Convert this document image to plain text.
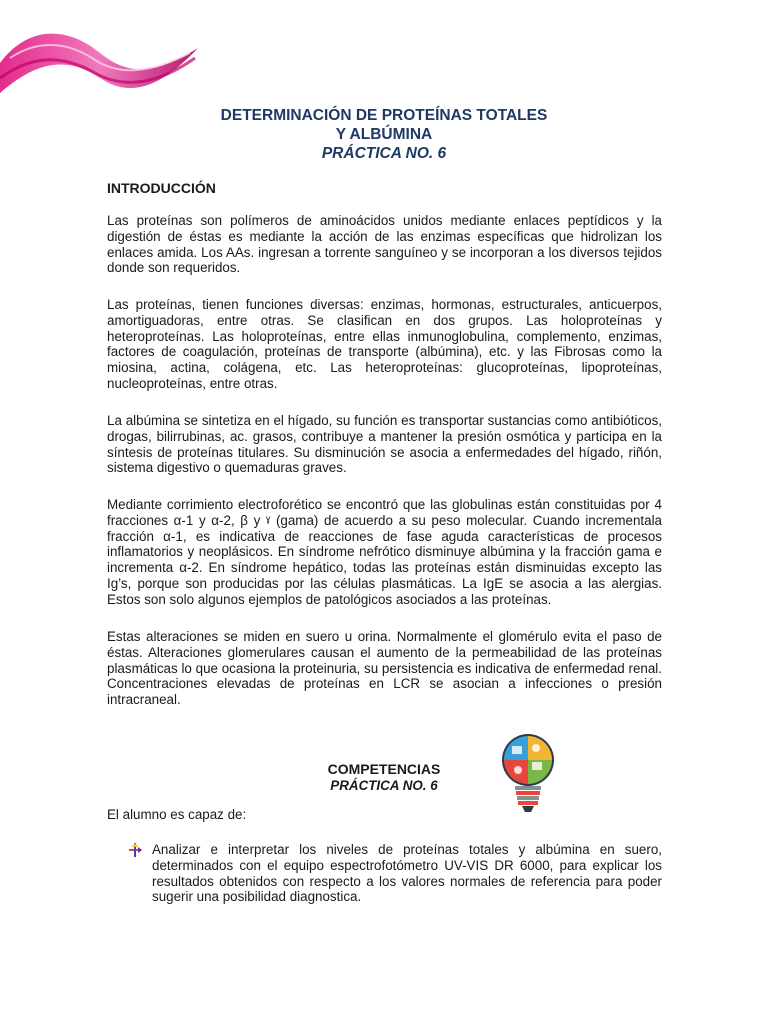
DETERMINACIÓN DE PROTEÍNAS TOTALES
Y ALBÚMINA
PRÁCTICA NO. 6
INTRODUCCIÓN

Las proteínas son polímeros de aminoácidos unidos mediante enlaces peptídicos y la digestión de éstas es mediante la acción de las enzimas específicas que hidrolizan los enlaces amida. Los AAs. ingresan a torrente sanguíneo y se incorporan a los diversos tejidos donde son requeridos.

Las proteínas, tienen funciones diversas: enzimas, hormonas, estructurales, anticuerpos, amortiguadoras, entre otras. Se clasifican en dos grupos. Las holoproteínas y heteroproteínas. Las holoproteínas, entre ellas inmunoglobulina, complemento, enzimas, factores de coagulación, proteínas de transporte (albúmina), etc. y las Fibrosas como la miosina, actina, colágena, etc. Las heteroproteínas: glucoproteínas, lipoproteínas, nucleoproteínas, entre otras.

La albúmina se sintetiza en el hígado, su función es transportar sustancias como antibióticos, drogas, bilirrubinas, ac. grasos, contribuye a mantener la presión osmótica y participa en la síntesis de proteínas titulares. Su disminución se asocia a enfermedades del hígado, riñón, sistema digestivo o quemaduras graves.

Mediante corrimiento electroforético se encontró que las globulinas están constituidas por 4 fracciones α-1 y α-2, β y ˠ (gama) de acuerdo a su peso molecular. Cuando incrementala fracción α-1, es indicativa de reacciones de fase aguda características de procesos inflamatorios y neoplásicos. En síndrome nefrótico disminuye albúmina y la fracción gama e incrementa α-2. En síndrome hepático, todas las proteínas están disminuidas excepto las Ig’s, porque son producidas por las células plasmáticas. La IgE se asocia a las alergias. Estos son solo algunos ejemplos de patológicos asociados a las proteínas.

Estas alteraciones se miden en suero u orina. Normalmente el glomérulo evita el paso de éstas. Alteraciones glomerulares causan el aumento de la permeabilidad de las proteínas plasmáticas lo que ocasiona la proteinuria, su persistencia es indicativa de enfermedad renal. Concentraciones elevadas de proteínas en LCR se asocian a infecciones o presión intracraneal.

COMPETENCIAS
PRÁCTICA NO. 6
El alumno es capaz de:
Analizar e interpretar los niveles de proteínas totales y albúmina en suero, determinados con el equipo espectrofotómetro UV-VIS DR 6000, para explicar los resultados obtenidos con respecto a los valores normales de referencia para poder sugerir una posibilidad diagnostica.
